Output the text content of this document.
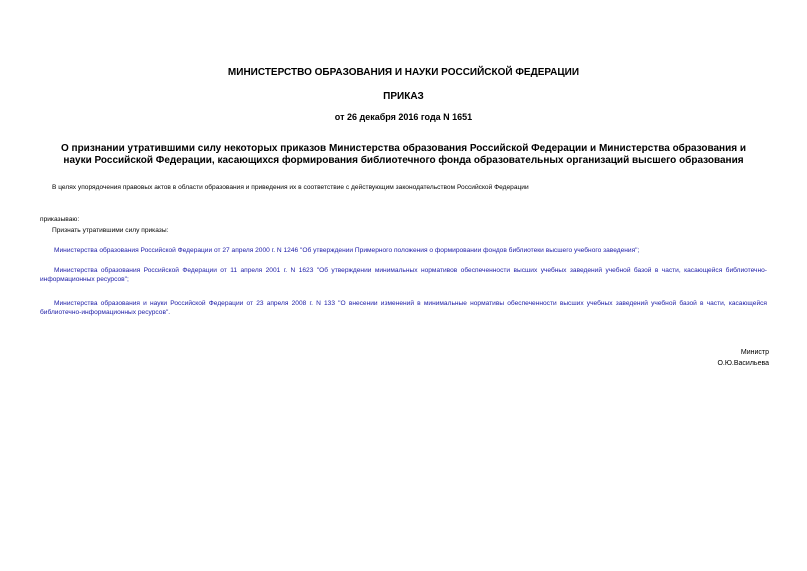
МИНИСТЕРСТВО ОБРАЗОВАНИЯ И НАУКИ РОССИЙСКОЙ ФЕДЕРАЦИИ
ПРИКАЗ
от 26 декабря 2016 года N 1651
О признании утратившими силу некоторых приказов Министерства образования Российской Федерации и Министерства образования и науки Российской Федерации, касающихся формирования библиотечного фонда образовательных организаций высшего образования
В целях упорядочения правовых актов в области образования и приведения их в соответствие с действующим законодательством Российской Федерации
приказываю:
Признать утратившими силу приказы:
Министерства образования Российской Федерации от 27 апреля 2000 г. N 1246 "Об утверждении Примерного положения о формировании фондов библиотеки высшего учебного заведения";
Министерства образования Российской Федерации от 11 апреля 2001 г. N 1623 "Об утверждении минимальных нормативов обеспеченности высших учебных заведений учебной базой в части, касающейся библиотечно-информационных ресурсов";
Министерства образования и науки Российской Федерации от 23 апреля 2008 г. N 133 "О внесении изменений в минимальные нормативы обеспеченности высших учебных заведений учебной базой в части, касающейся библиотечно-информационных ресурсов".
Министр
О.Ю.Васильева
